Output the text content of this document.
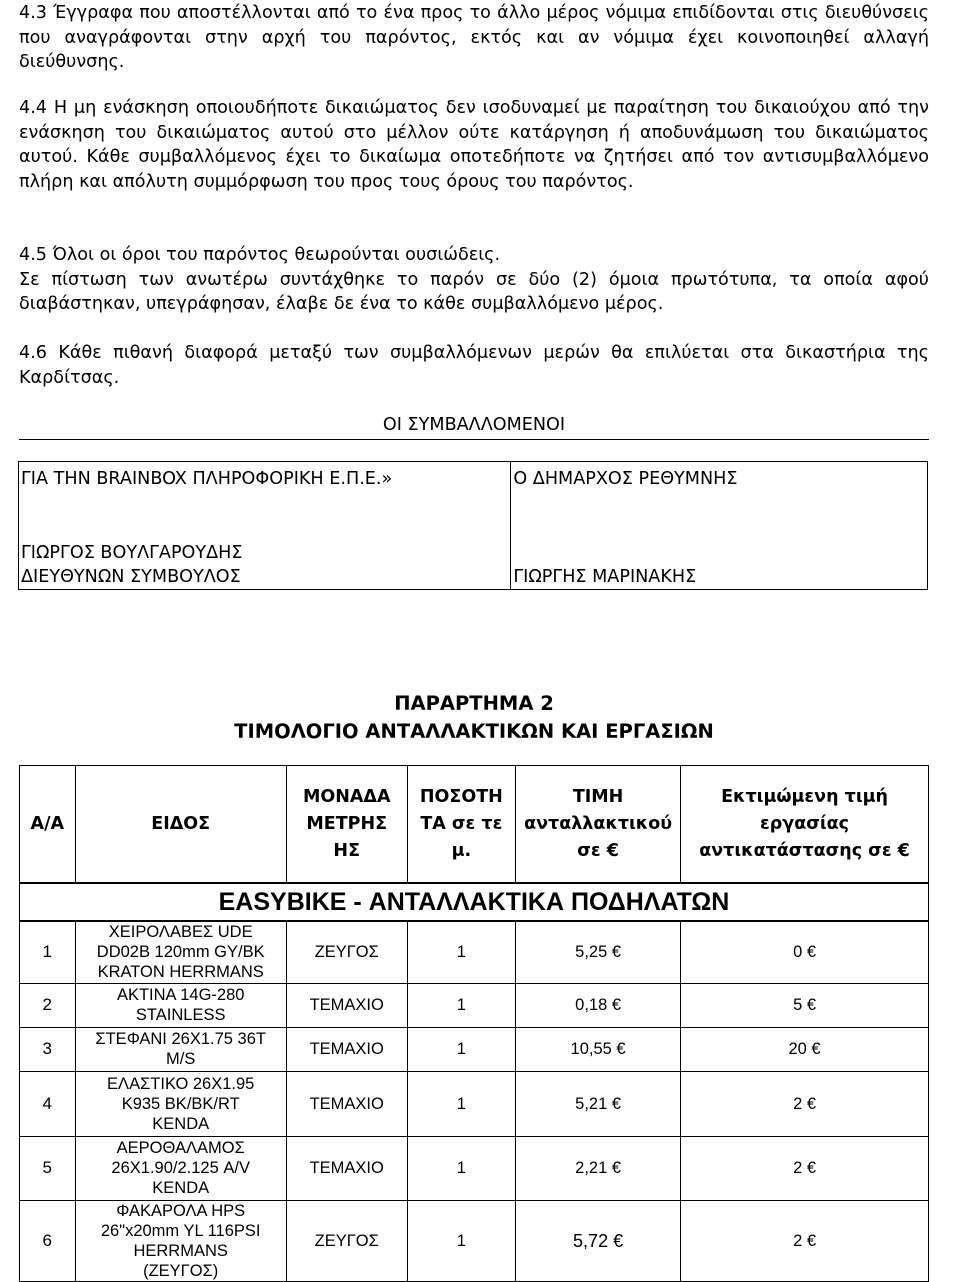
4.3 Έγγραφα που αποστέλλονται από το ένα προς το άλλο μέρος νόμιμα επιδίδονται στις διευθύνσεις που αναγράφονται στην αρχή του παρόντος, εκτός και αν νόμιμα έχει κοινοποιηθεί αλλαγή διεύθυνσης.

4.4 Η μη ενάσκηση οποιουδήποτε δικαιώματος δεν ισοδυναμεί με παραίτηση του δικαιούχου από την ενάσκηση του δικαιώματος αυτού στο μέλλον ούτε κατάργηση ή αποδυνάμωση του δικαιώματος αυτού. Κάθε συμβαλλόμενος έχει το δικαίωμα οποτεδήποτε να ζητήσει από τον αντισυμβαλλόμενο πλήρη και απόλυτη συμμόρφωση του προς τους όρους του παρόντος.

4.5 Όλοι οι όροι του παρόντος θεωρούνται ουσιώδεις.

Σε πίστωση των ανωτέρω συντάχθηκε το παρόν σε δύο (2) όμοια πρωτότυπα, τα οποία αφού διαβάστηκαν, υπεγράφησαν, έλαβε δε ένα το κάθε συμβαλλόμενο μέρος.

4.6 Κάθε πιθανή διαφορά μεταξύ των συμβαλλόμενων μερών θα επιλύεται στα δικαστήρια της Καρδίτσας.

ΟΙ ΣΥΜΒΑΛΛΟΜΕΝΟΙ
ΓΙΑ ΤΗΝ BRAINBOX ΠΛΗΡΟΦΟΡΙΚΗ Ε.Π.Ε.»
ΓΙΩΡΓΟΣ ΒΟΥΛΓΑΡΟΥΔΗΣ
ΔΙΕΥΘΥΝΩΝ ΣΥΜΒΟΥΛΟΣ

Ο ΔΗΜΑΡΧΟΣ ΡΕΘΥΜΝΗΣ
ΓΙΩΡΓΗΣ ΜΑΡΙΝΑΚΗΣ
ΠΑΡΑΡΤΗΜΑ 2
ΤΙΜΟΛΟΓΙΟ ΑΝΤΑΛΛΑΚΤΙΚΩΝ ΚΑΙ ΕΡΓΑΣΙΩΝ
Α/Α	ΕΙΔΟΣ	ΜΟΝΑΔΑ ΜΕΤΡΗΣΗΣ	ΠΟΣΟΤΗΤΑ σε τεμ.	ΤΙΜΗ ανταλλακτικού σε €	Εκτιμώμενη τιμή εργασίας αντικατάστασης σε €
EASYBIKE - ΑΝΤΑΛΛΑΚΤΙΚΑ ΠΟΔΗΛΑΤΩΝ					
1	ΧΕΙΡΟΛΑΒΕΣ UDE DD02B 120mm GY/BK KRATON HERRMANS	ΖΕΥΓΟΣ	1	5,25 €	0 €
2	ΑΚΤΙΝΑ 14G-280 STAINLESS	ΤΕΜΑΧΙΟ	1	0,18 €	5 €
3	ΣΤΕΦΑΝΙ 26Χ1.75 36Τ M/S	ΤΕΜΑΧΙΟ	1	10,55 €	20 €
4	ΕΛΑΣΤΙΚΟ 26Χ1.95 K935 BK/BK/RT KENDA	ΤΕΜΑΧΙΟ	1	5,21 €	2 €
5	ΑΕΡΟΘΑΛΑΜΟΣ 26Χ1.90/2.125 A/V KENDA	ΤΕΜΑΧΙΟ	1	2,21 €	2 €
6	ΦΑΚΑΡΟΛΑ HPS 26"x20mm YL 116PSI HERRMANS (ΖΕΥΓΟΣ)	ΖΕΥΓΟΣ	1	5,72 €	2 €
